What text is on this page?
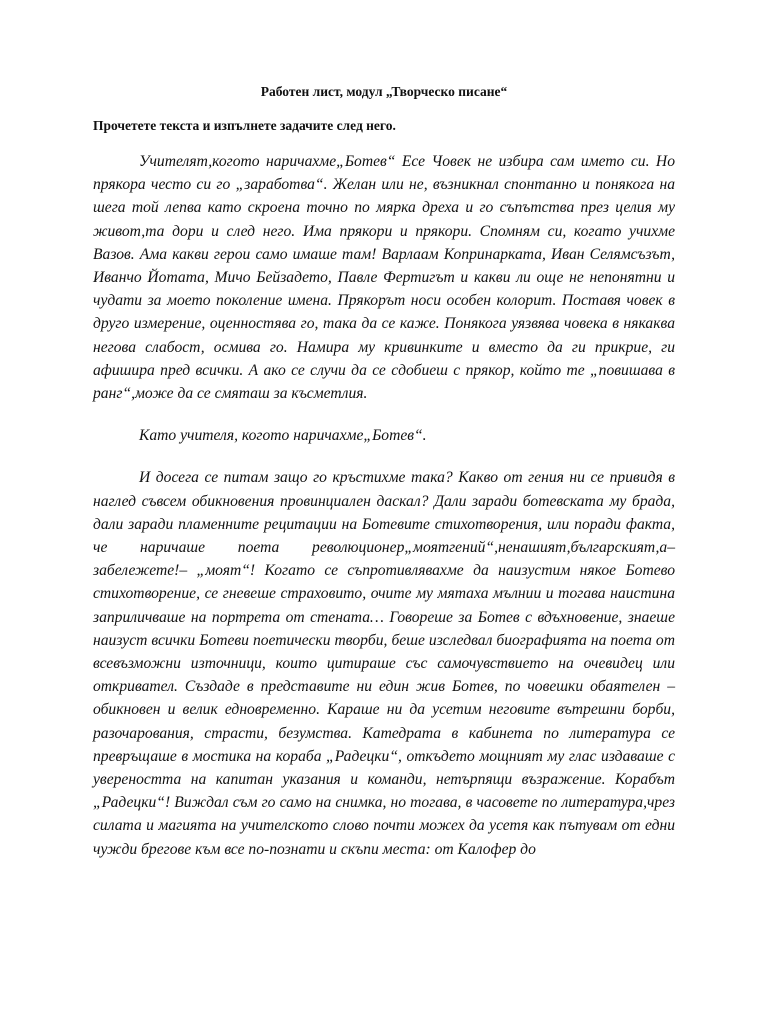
Работен лист, модул „Творческо писане“

Прочетете текста и изпълнете задачите след него.

Учителят,когото наричахме„Ботев“ Есе Човек не избира сам името си. Но прякора често си го „заработва“. Желан или не, възникнал спонтанно и понякога на шега той лепва като скроена точно по мярка дреха и го съпътства през целия му живот,та дори и след него. Има прякори и прякори. Спомням си, когато учихме Вазов. Ама какви герои само имаше там! Варлаам Копринарката, Иван Селямсъзът, Иванчо Йотата, Мичо Бейзадето, Павле Фертигът и какви ли още не непонятни и чудати за моето поколение имена. Прякорът носи особен колорит. Поставя човек в друго измерение, оценностява го, така да се каже. Понякога уязвява човека в някаква негова слабост, осмива го. Намира му кривинките и вместо да ги прикрие, ги афишира пред всички. А ако се случи да се сдобиеш с прякор, който те „повишава в ранг“,може да се смяташ за късметлия.

Като учителя, когото наричахме„Ботев“.

И досега се питам защо го кръстихме така? Какво от гения ни се привидя в наглед съвсем обикновения провинциален даскал? Дали заради ботевската му брада, дали заради пламенните рецитации на Ботевите стихотворения, или поради факта, че наричаше поета революционер„моятгений“,ненашият,българският,а–забележете!– „моят“! Когато се съпротивлявахме да наизустим някое Ботево стихотворение, се гневеше страховито, очите му мятаха мълнии и тогава наистина заприличваше на портрета от стената… Говореше за Ботев с вдъхновение, знаеше наизуст всички Ботеви поетически творби, беше изследвал биографията на поета от всевъзможни източници, които цитираше със самочувствието на очевидец или откривател. Създаде в представите ни един жив Ботев, по човешки обаятелен – обикновен и велик едновременно. Караше ни да усетим неговите вътрешни борби, разочарования, страсти, безумства. Катедрата в кабинета по литература се превръщаше в мостика на кораба „Радецки“, откъдето мощният му глас издаваше с увереността на капитан указания и команди, нетърпящи възражение. Корабът „Радецки“! Виждал съм го само на снимка, но тогава, в часовете по литература,чрез силата и магията на учителското слово почти можех да усетя как пътувам от едни чужди брегове към все по-познати и скъпи места: от Калофер до
